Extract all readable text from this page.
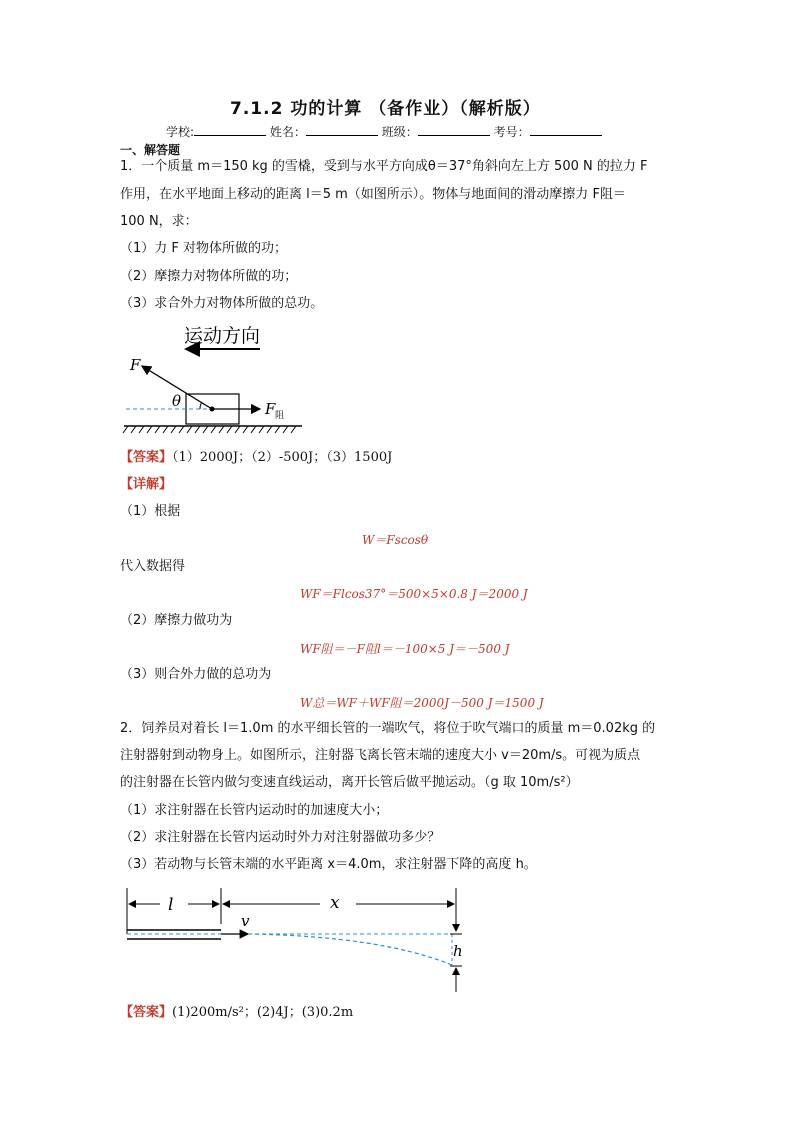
7.1.2 功的计算 （备作业）（解析版）
学校:	姓名：	班级：	考号：
一、解答题
1．一个质量 m＝150 kg 的雪橇，受到与水平方向成θ＝37°角斜向左上方 500 N 的拉力 F
作用，在水平地面上移动的距离 l＝5 m（如图所示）。物体与地面间的滑动摩擦力 F阻＝
100 N，求：
（1）力 F 对物体所做的功；
（2）摩擦力对物体所做的功；
（3）求合外力对物体所做的总功。
运动方向
F
θ	F 阻
【答案】（1）2000J；（2）-500J；（3）1500J
【详解】
（1）根据
W＝Fscosθ
代入数据得
WF＝Flcos37°＝500×5×0.8 J＝2000 J
（2）摩擦力做功为
WF阻＝－F阻l＝－100×5 J＝－500 J
（3）则合外力做的总功为
W总＝WF＋WF阻＝2000J－500 J＝1500 J
2．饲养员对着长 l＝1.0m 的水平细长管的一端吹气，将位于吹气端口的质量 m＝0.02kg 的
注射器射到动物身上。如图所示，注射器飞离长管末端的速度大小 v＝20m/s。可视为质点
的注射器在长管内做匀变速直线运动，离开长管后做平抛运动。（g 取 10m/s²）
（1）求注射器在长管内运动时的加速度大小；
（2）求注射器在长管内运动时外力对注射器做功多少？
（3）若动物与长管末端的水平距离 x＝4.0m，求注射器下降的高度 h。
l	x
v
h
【答案】(1)200m/s²；(2)4J；(3)0.2m
